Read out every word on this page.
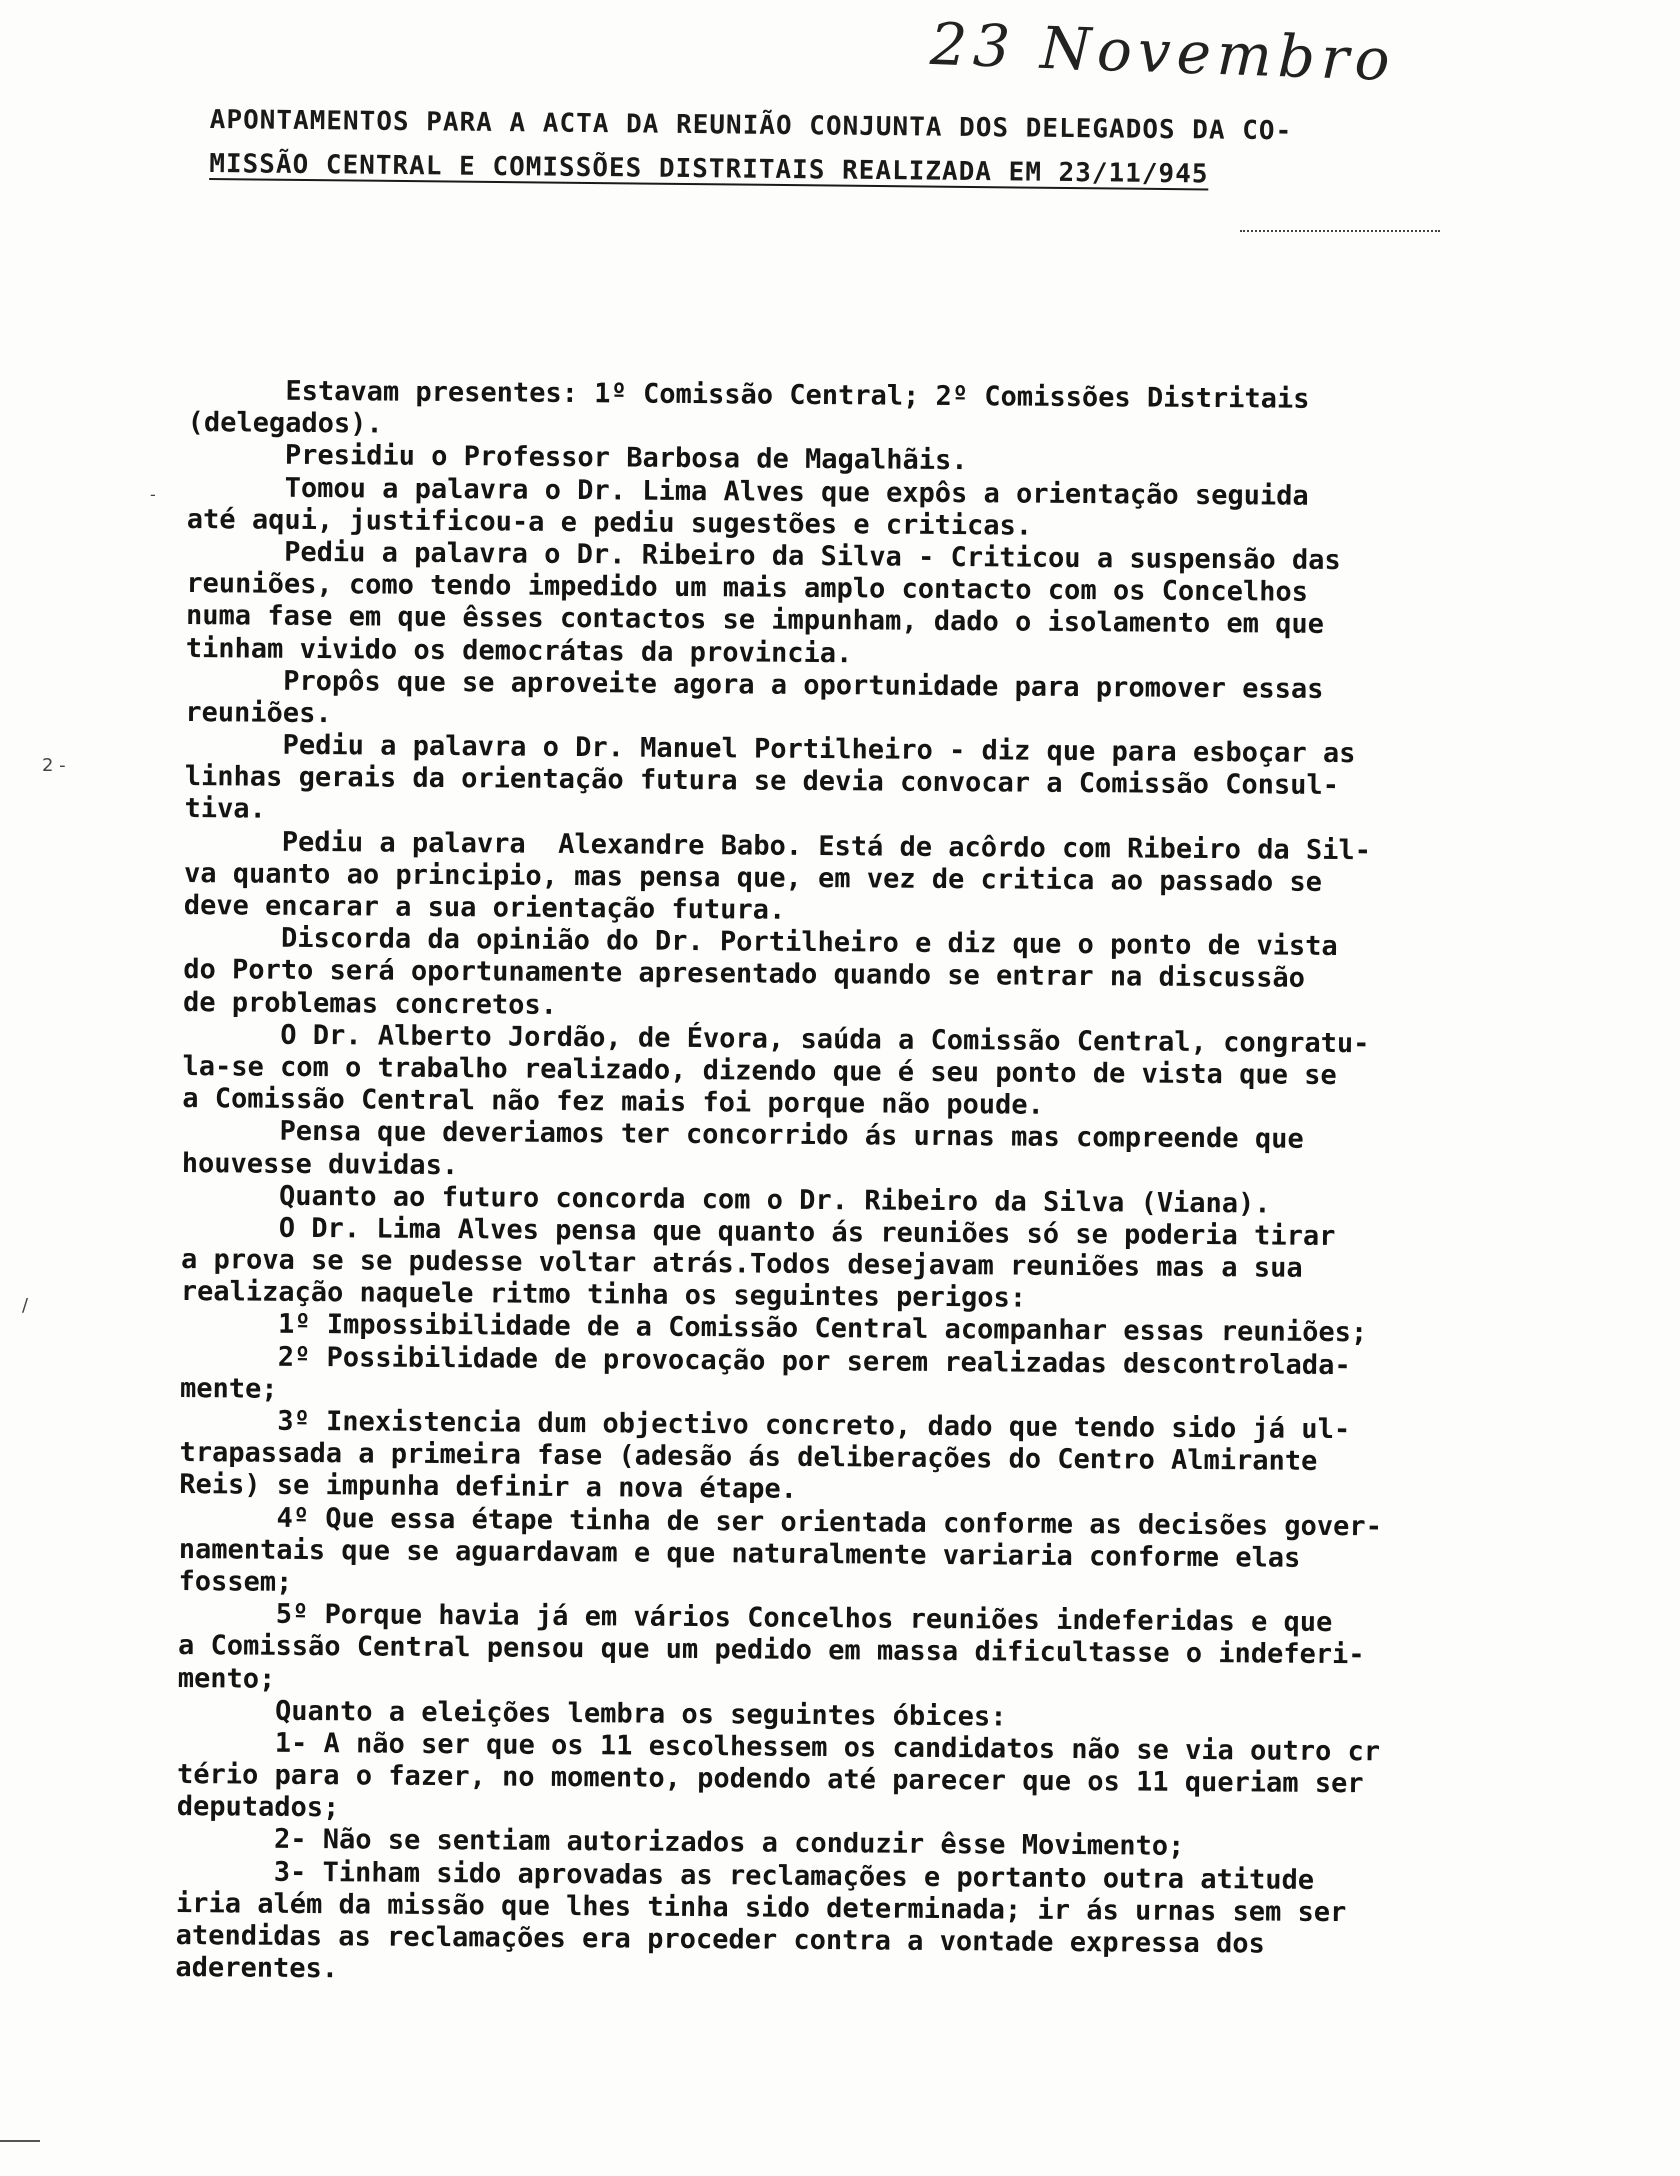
23 Novembro
APONTAMENTOS PARA A ACTA DA REUNIÃO CONJUNTA DOS DELEGADOS DA CO-
MISSÃO CENTRAL E COMISSÕES DISTRITAIS REALIZADA EM 23/11/945
Estavam presentes: 1º Comissão Central; 2º Comissões Distritais
(delegados).
Presidiu o Professor Barbosa de Magalhãis.
Tomou a palavra o Dr. Lima Alves que expôs a orientação seguida
até aqui, justificou-a e pediu sugestões e criticas.
Pediu a palavra o Dr. Ribeiro da Silva - Criticou a suspensão das
reuniões, como tendo impedido um mais amplo contacto com os Concelhos
numa fase em que êsses contactos se impunham, dado o isolamento em que
tinham vivido os democrátas da provincia.
Propôs que se aproveite agora a oportunidade para promover essas
reuniões.
Pediu a palavra o Dr. Manuel Portilheiro - diz que para esboçar as
linhas gerais da orientação futura se devia convocar a Comissão Consul-
tiva.
Pediu a palavra  Alexandre Babo. Está de acôrdo com Ribeiro da Sil-
va quanto ao principio, mas pensa que, em vez de critica ao passado se
deve encarar a sua orientação futura.
Discorda da opinião do Dr. Portilheiro e diz que o ponto de vista
do Porto será oportunamente apresentado quando se entrar na discussão
de problemas concretos.
O Dr. Alberto Jordão, de Évora, saúda a Comissão Central, congratu-
la-se com o trabalho realizado, dizendo que é seu ponto de vista que se
a Comissão Central não fez mais foi porque não poude.
Pensa que deveriamos ter concorrido ás urnas mas compreende que
houvesse duvidas.
Quanto ao futuro concorda com o Dr. Ribeiro da Silva (Viana).
O Dr. Lima Alves pensa que quanto ás reuniões só se poderia tirar
a prova se se pudesse voltar atrás.Todos desejavam reuniões mas a sua
realização naquele ritmo tinha os seguintes perigos:
1º Impossibilidade de a Comissão Central acompanhar essas reuniões;
2º Possibilidade de provocação por serem realizadas descontrolada-
mente;
3º Inexistencia dum objectivo concreto, dado que tendo sido já ul-
trapassada a primeira fase (adesão ás deliberações do Centro Almirante
Reis) se impunha definir a nova étape.
4º Que essa étape tinha de ser orientada conforme as decisões gover-
namentais que se aguardavam e que naturalmente variaria conforme elas
fossem;
5º Porque havia já em vários Concelhos reuniões indeferidas e que
a Comissão Central pensou que um pedido em massa dificultasse o indeferi-
mento;
Quanto a eleições lembra os seguintes óbices:
1- A não ser que os 11 escolhessem os candidatos não se via outro cr
tério para o fazer, no momento, podendo até parecer que os 11 queriam ser
deputados;
2- Não se sentiam autorizados a conduzir êsse Movimento;
3- Tinham sido aprovadas as reclamações e portanto outra atitude
iria além da missão que lhes tinha sido determinada; ir ás urnas sem ser
atendidas as reclamações era proceder contra a vontade expressa dos
aderentes.
2 -
-
/
